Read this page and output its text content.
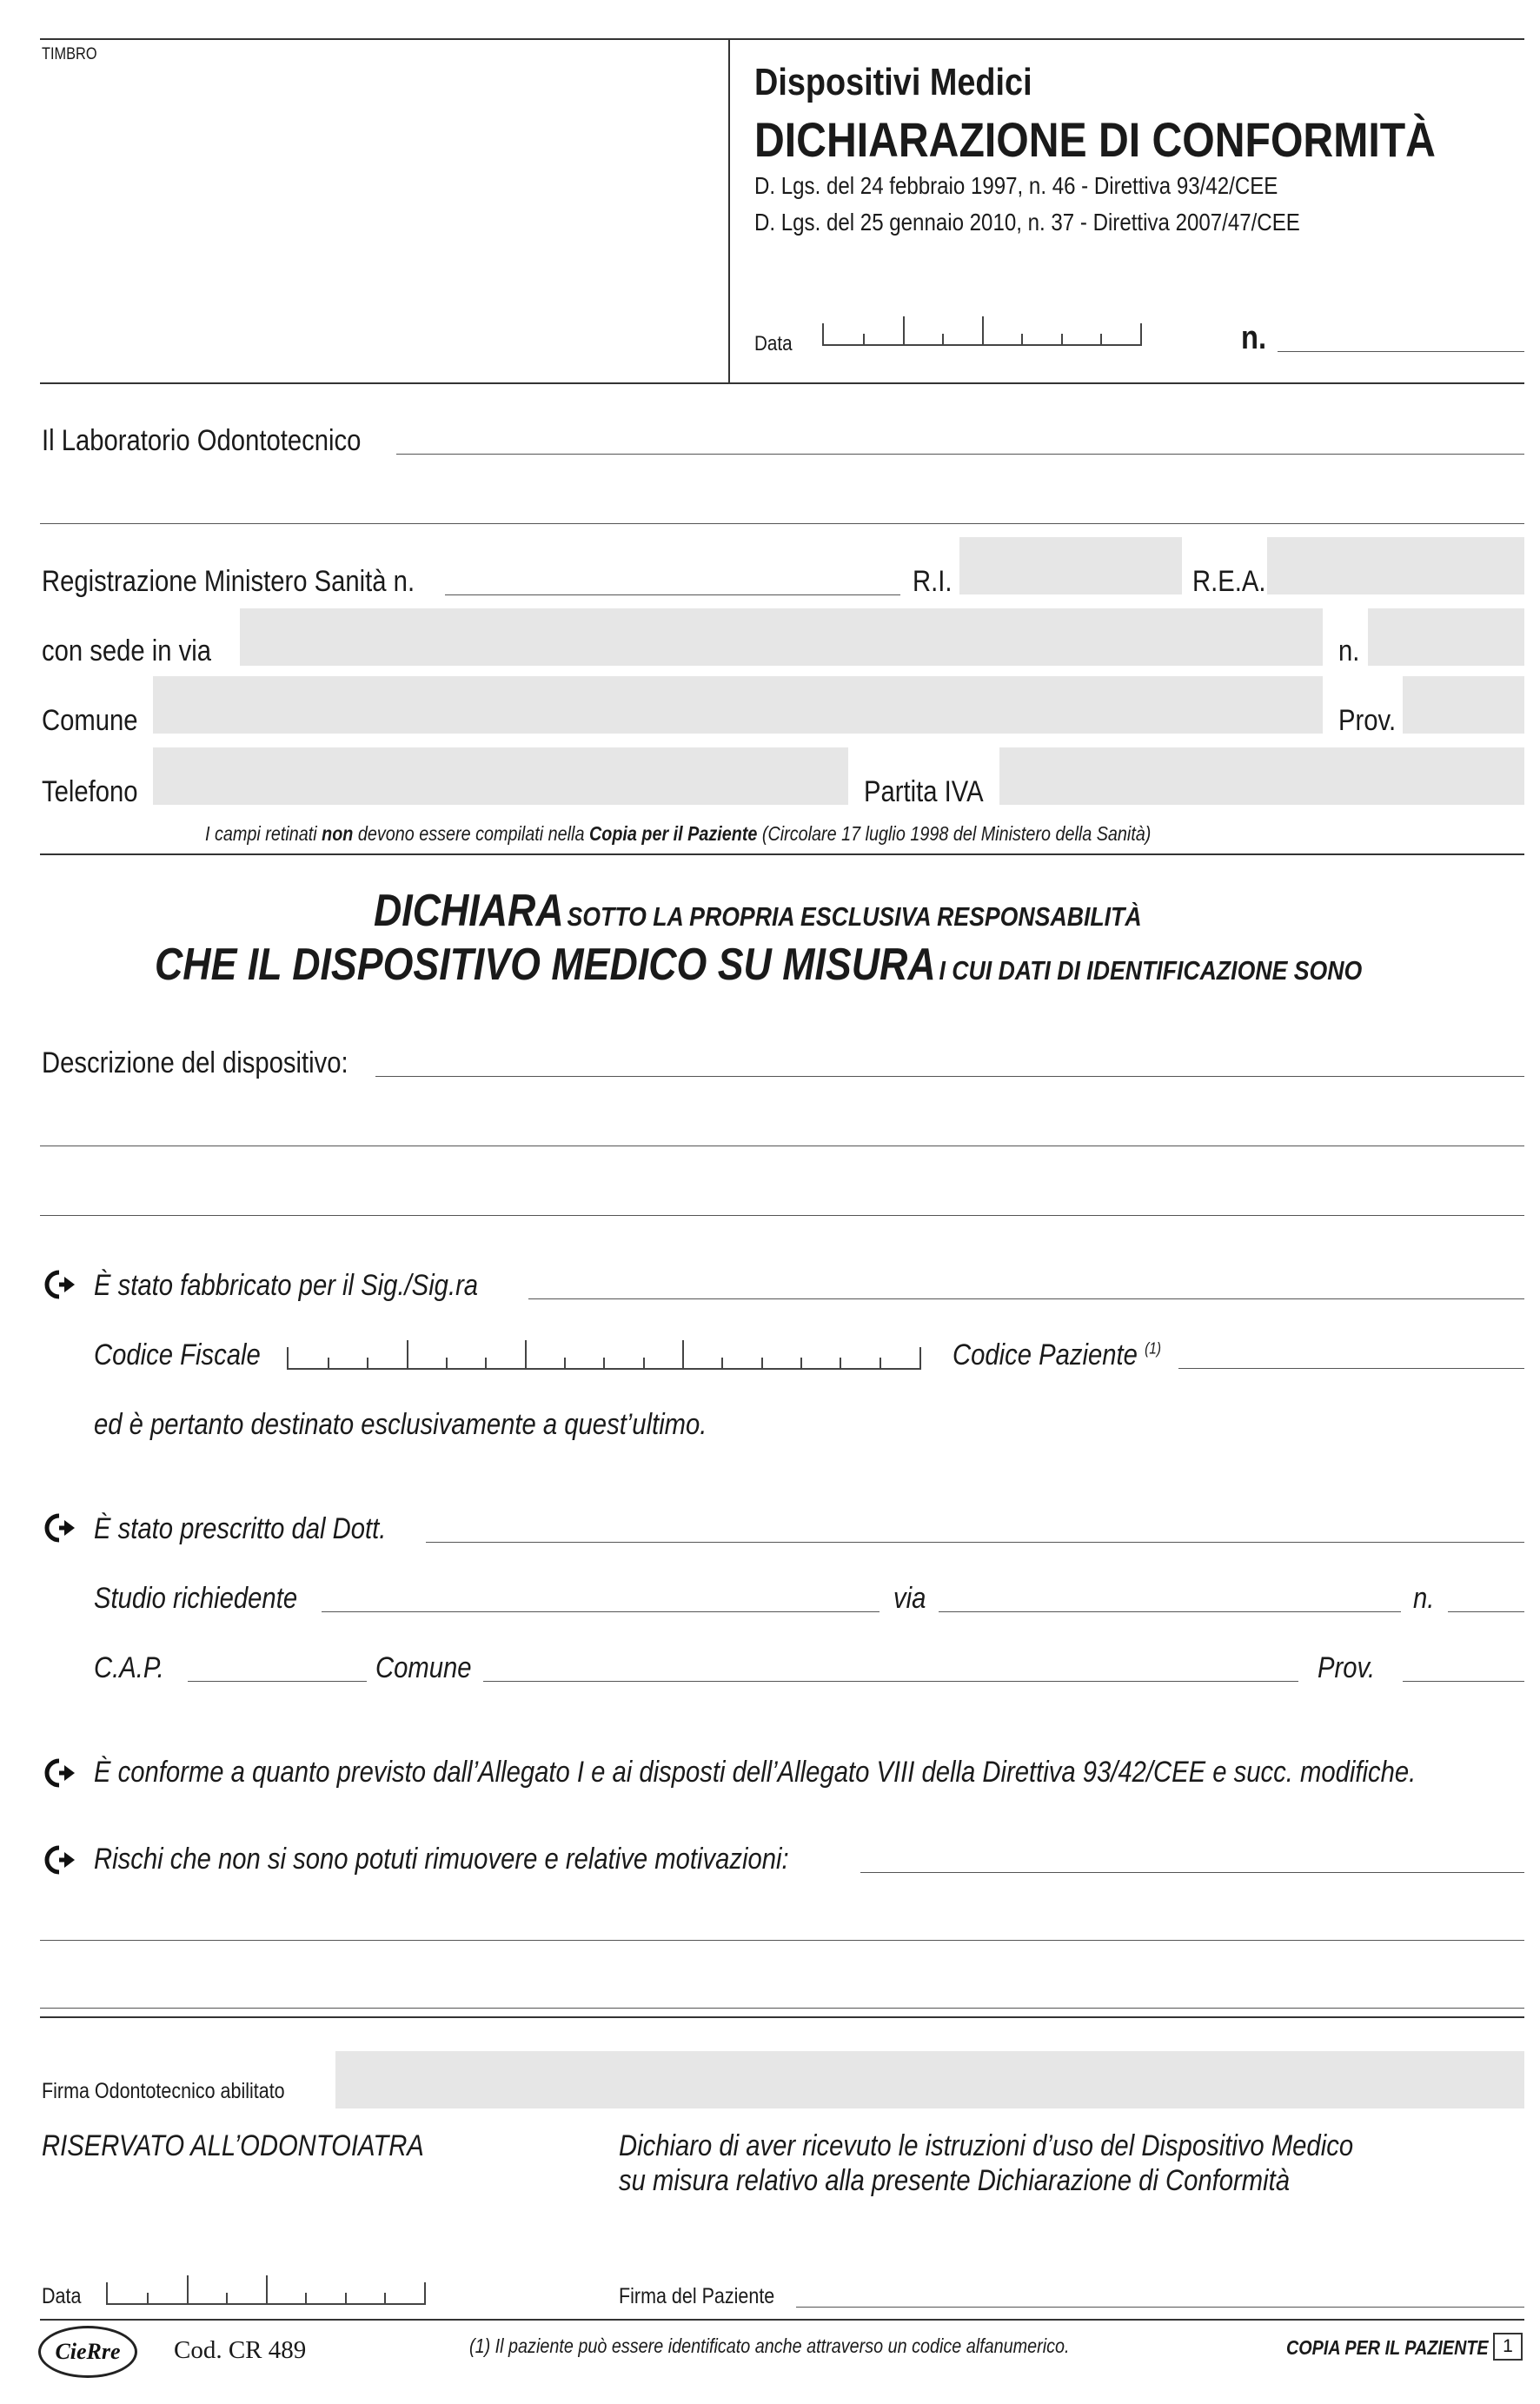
TIMBRO
Dispositivi Medici
DICHIARAZIONE DI CONFORMITÀ
D. Lgs. del 24 febbraio 1997, n. 46 - Direttiva 93/42/CEE
D. Lgs. del 25 gennaio 2010, n. 37 - Direttiva 2007/47/CEE
Data	n.
Il Laboratorio Odontotecnico
Registrazione Ministero Sanità n.	R.I.	R.E.A.
con sede in via	n.
Comune	Prov.
Telefono	Partita IVA
I campi retinati non devono essere compilati nella Copia per il Paziente (Circolare 17 luglio 1998 del Ministero della Sanità)
DICHIARA SOTTO LA PROPRIA ESCLUSIVA RESPONSABILITÀ
CHE IL DISPOSITIVO MEDICO SU MISURA I CUI DATI DI IDENTIFICAZIONE SONO
Descrizione del dispositivo:
È stato fabbricato per il Sig./Sig.ra
Codice Fiscale	Codice Paziente $^{(1)}$
ed è pertanto destinato esclusivamente a quest’ultimo.
È stato prescritto dal Dott.
Studio richiedente	via	n.
C.A.P.	Comune	Prov.
È conforme a quanto previsto dall’Allegato I e ai disposti dell’Allegato VIII della Direttiva 93/42/CEE e succ. modifiche.
Rischi che non si sono potuti rimuovere e relative motivazioni:
Firma Odontotecnico abilitato
RISERVATO ALL’ODONTOIATRA	Dichiaro di aver ricevuto le istruzioni d’uso del Dispositivo Medico
su misura relativo alla presente Dichiarazione di Conformità
Data	Firma del Paziente
CieRre Cod. CR 489	(1) Il paziente può essere identificato anche attraverso un codice alfanumerico.	COPIA PER IL PAZIENTE 1
